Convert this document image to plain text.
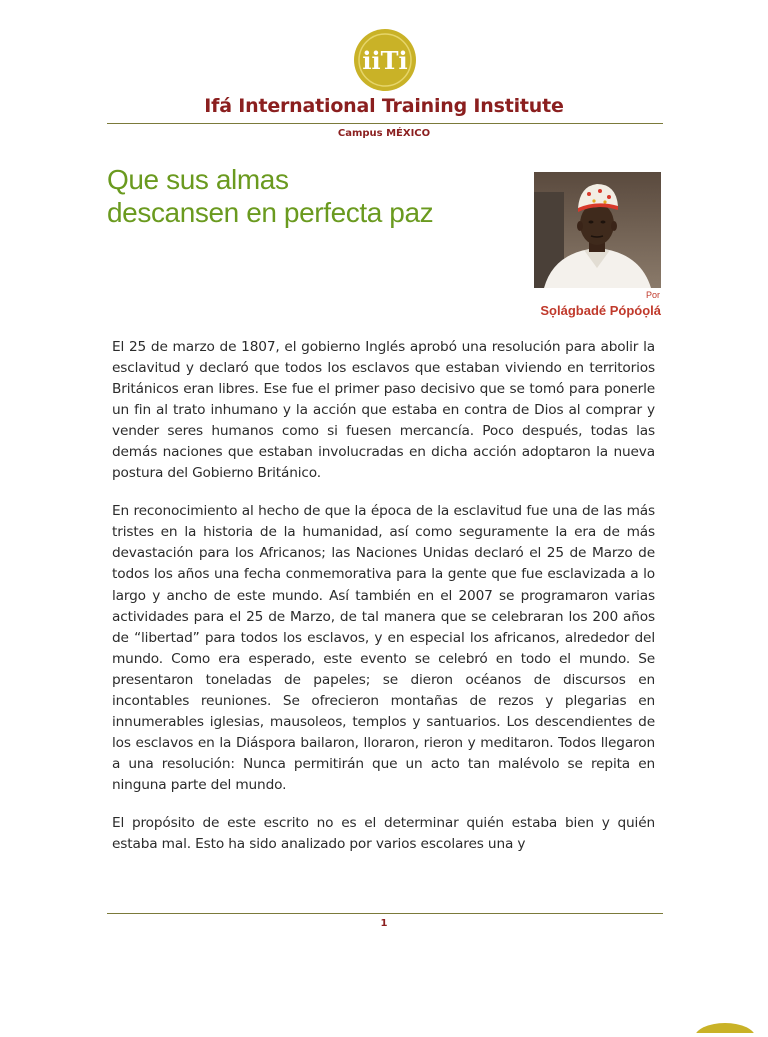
iiTi
Ifá International Training Institute
Campus MÉXICO
Que sus almas
descansen en perfecta paz
Por
Sọlágbadé Pópóọlá

El 25 de marzo de 1807, el gobierno Inglés aprobó una resolución para abolir la esclavitud y declaró que todos los esclavos que estaban viviendo en territorios Británicos eran libres. Ese fue el primer paso decisivo que se tomó para ponerle un fin al trato inhumano y la acción que estaba en contra de Dios al comprar y vender seres humanos como si fuesen mercancía. Poco después, todas las demás naciones que estaban involucradas en dicha acción adoptaron la nueva postura del Gobierno Británico.

En reconocimiento al hecho de que la época de la esclavitud fue una de las más tristes en la historia de la humanidad, así como seguramente la era de más devastación para los Africanos; las Naciones Unidas declaró el 25 de Marzo de todos los años una fecha conmemorativa para la gente que fue esclavizada a lo largo y ancho de este mundo. Así también en el 2007 se programaron varias actividades para el 25 de Marzo, de tal manera que se celebraran los 200 años de “libertad” para todos los esclavos, y en especial los africanos, alrededor del mundo. Como era esperado, este evento se celebró en todo el mundo. Se presentaron toneladas de papeles; se dieron océanos de discursos en incontables reuniones. Se ofrecieron montañas de rezos y plegarias en innumerables iglesias, mausoleos, templos y santuarios. Los descendientes de los esclavos en la Diáspora bailaron, lloraron, rieron y meditaron. Todos llegaron a una resolución: Nunca permitirán que un acto tan malévolo se repita en ninguna parte del mundo.

El propósito de este escrito no es el determinar quién estaba bien y quién estaba mal. Esto ha sido analizado por varios escolares una y

1
